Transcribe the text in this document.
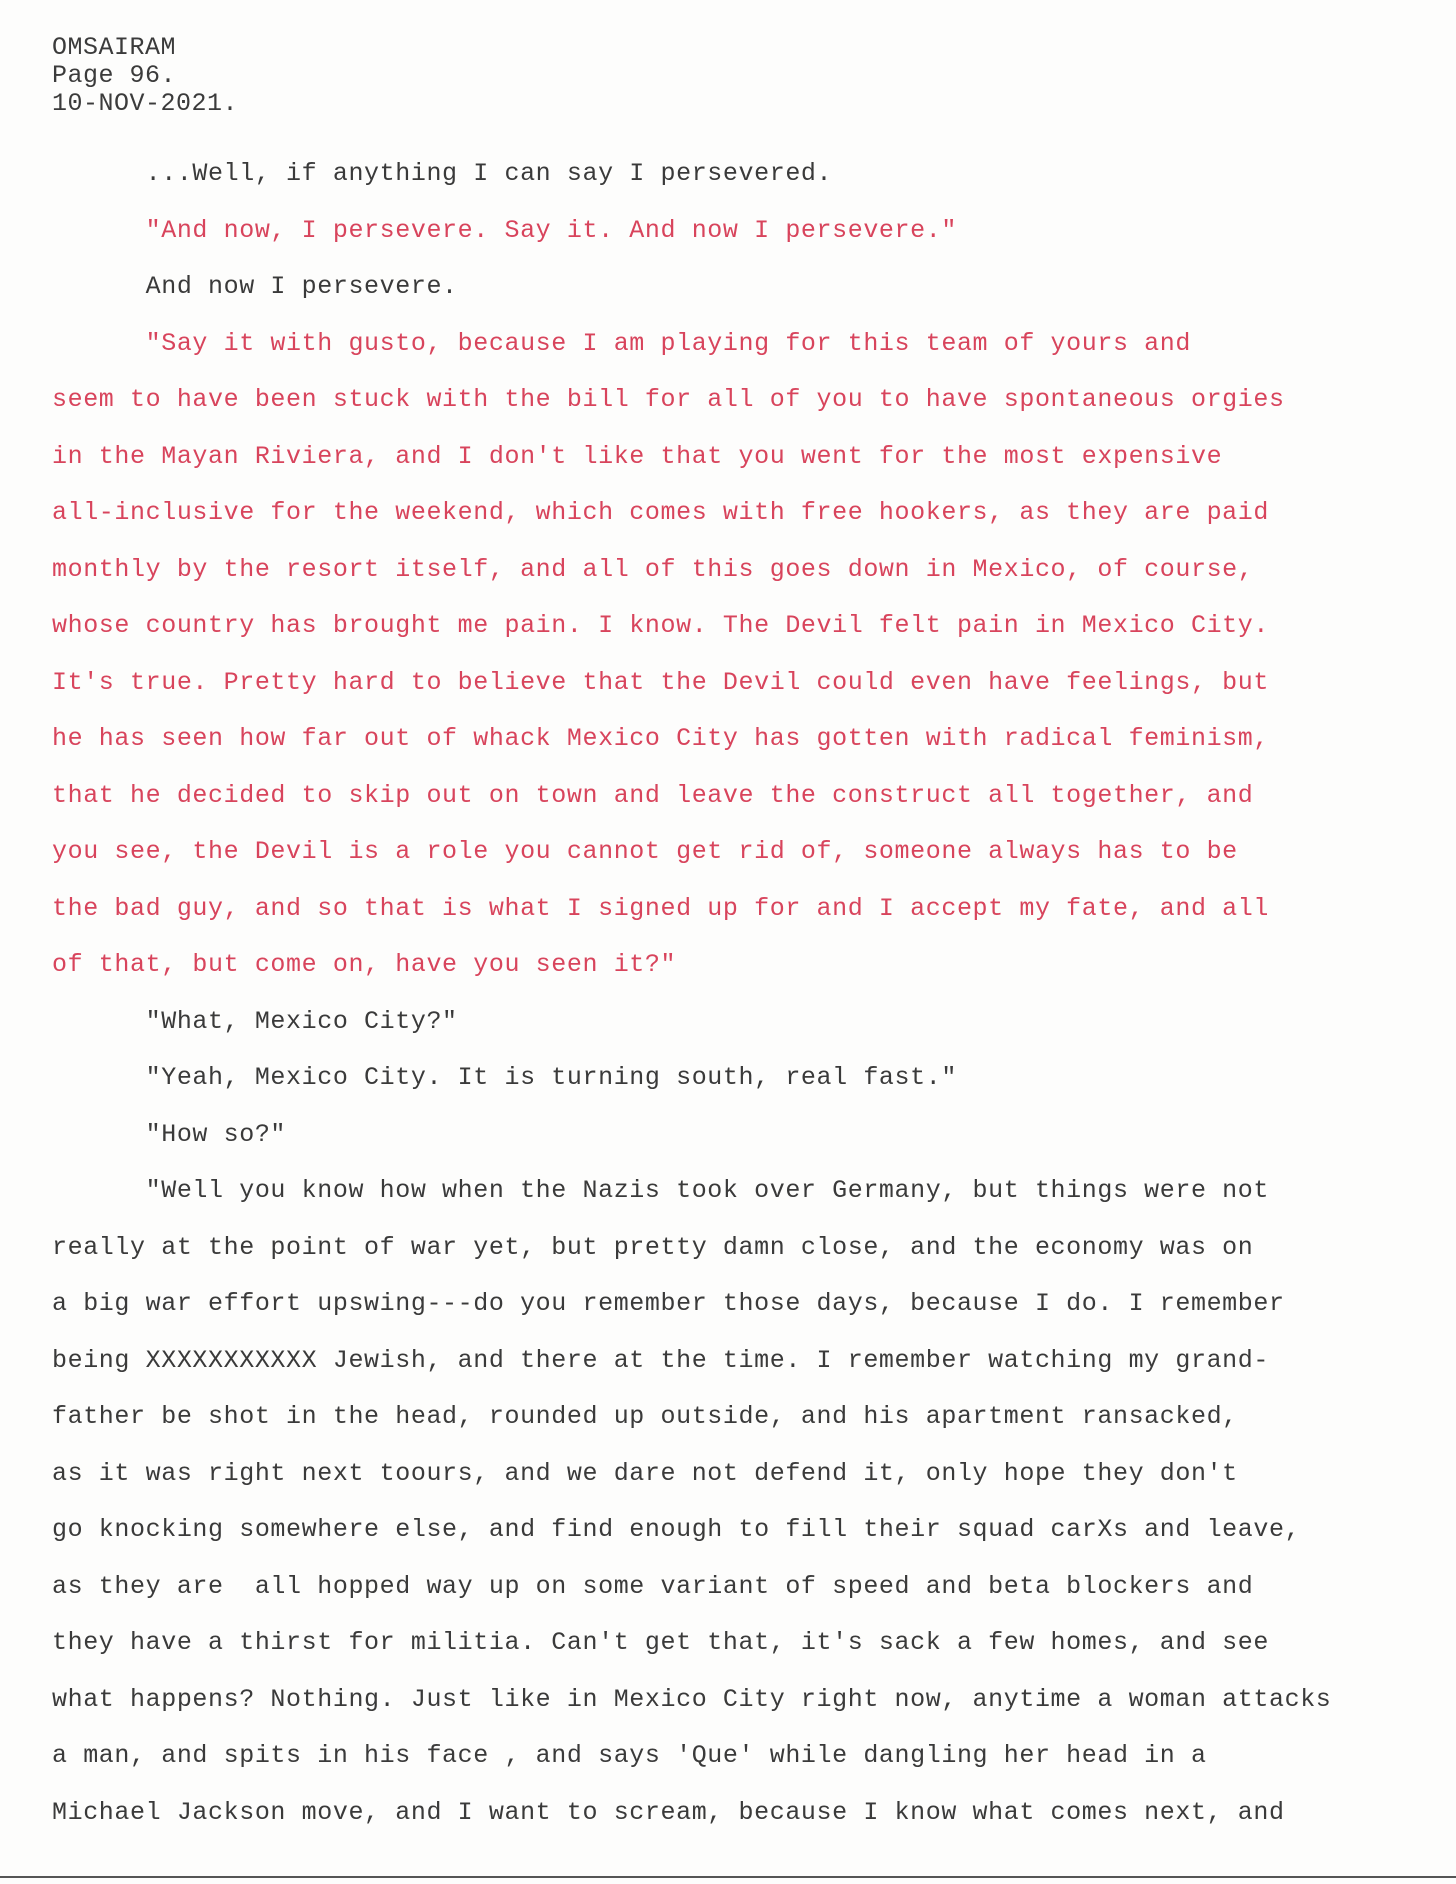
OMSAIRAM
Page 96.
10-NOV-2021.
...Well, if anything I can say I persevered.
"And now, I persevere. Say it. And now I persevere."
And now I persevere.
"Say it with gusto, because I am playing for this team of yours and
seem to have been stuck with the bill for all of you to have spontaneous orgies
in the Mayan Riviera, and I don't like that you went for the most expensive
all-inclusive for the weekend, which comes with free hookers, as they are paid
monthly by the resort itself, and all of this goes down in Mexico, of course,
whose country has brought me pain. I know. The Devil felt pain in Mexico City.
It's true. Pretty hard to believe that the Devil could even have feelings, but
he has seen how far out of whack Mexico City has gotten with radical feminism,
that he decided to skip out on town and leave the construct all together, and
you see, the Devil is a role you cannot get rid of, someone always has to be
the bad guy, and so that is what I signed up for and I accept my fate, and all
of that, but come on, have you seen it?"
"What, Mexico City?"
"Yeah, Mexico City. It is turning south, real fast."
"How so?"
"Well you know how when the Nazis took over Germany, but things were not
really at the point of war yet, but pretty damn close, and the economy was on
a big war effort upswing---do you remember those days, because I do. I remember
being XXXXXXXXXXX Jewish, and there at the time. I remember watching my grand-
father be shot in the head, rounded up outside, and his apartment ransacked,
as it was right next toours, and we dare not defend it, only hope they don't
go knocking somewhere else, and find enough to fill their squad carXs and leave,
as they are  all hopped way up on some variant of speed and beta blockers and
they have a thirst for militia. Can't get that, it's sack a few homes, and see
what happens? Nothing. Just like in Mexico City right now, anytime a woman attacks
a man, and spits in his face , and says 'Que' while dangling her head in a
Michael Jackson move, and I want to scream, because I know what comes next, and
